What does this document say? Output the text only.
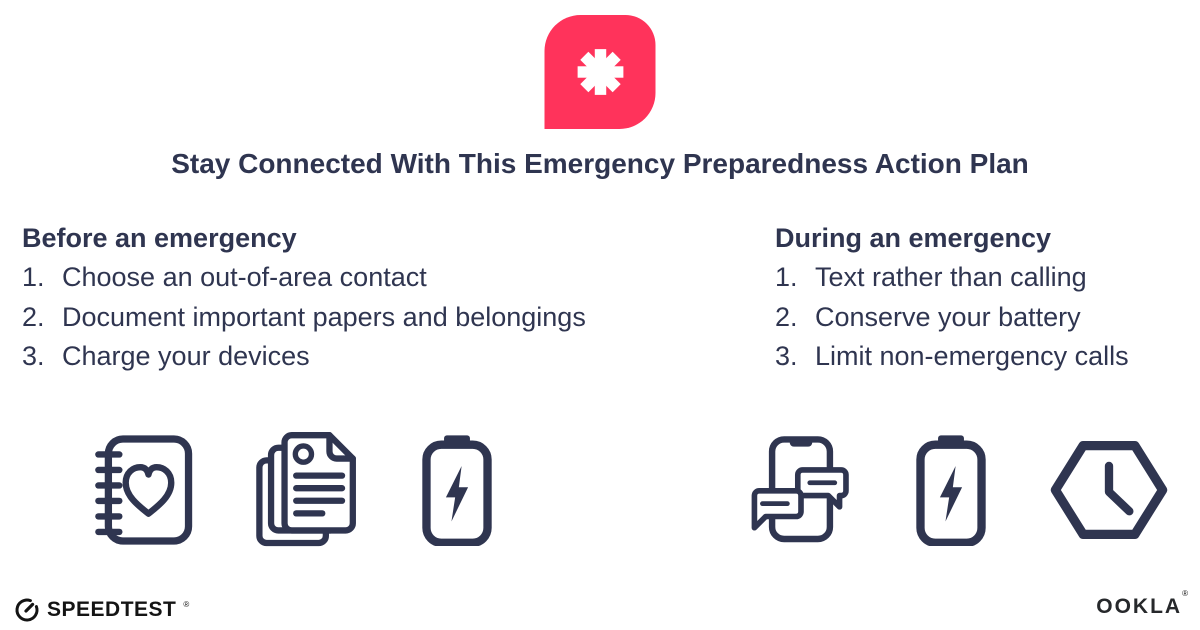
Stay Connected With This Emergency Preparedness Action Plan
Before an emergency
1. Choose an out-of-area contact
2. Document important papers and belongings
3. Charge your devices
During an emergency
1. Text rather than calling
2. Conserve your battery
3. Limit non-emergency calls
SPEEDTEST ®	OOKLA
®
